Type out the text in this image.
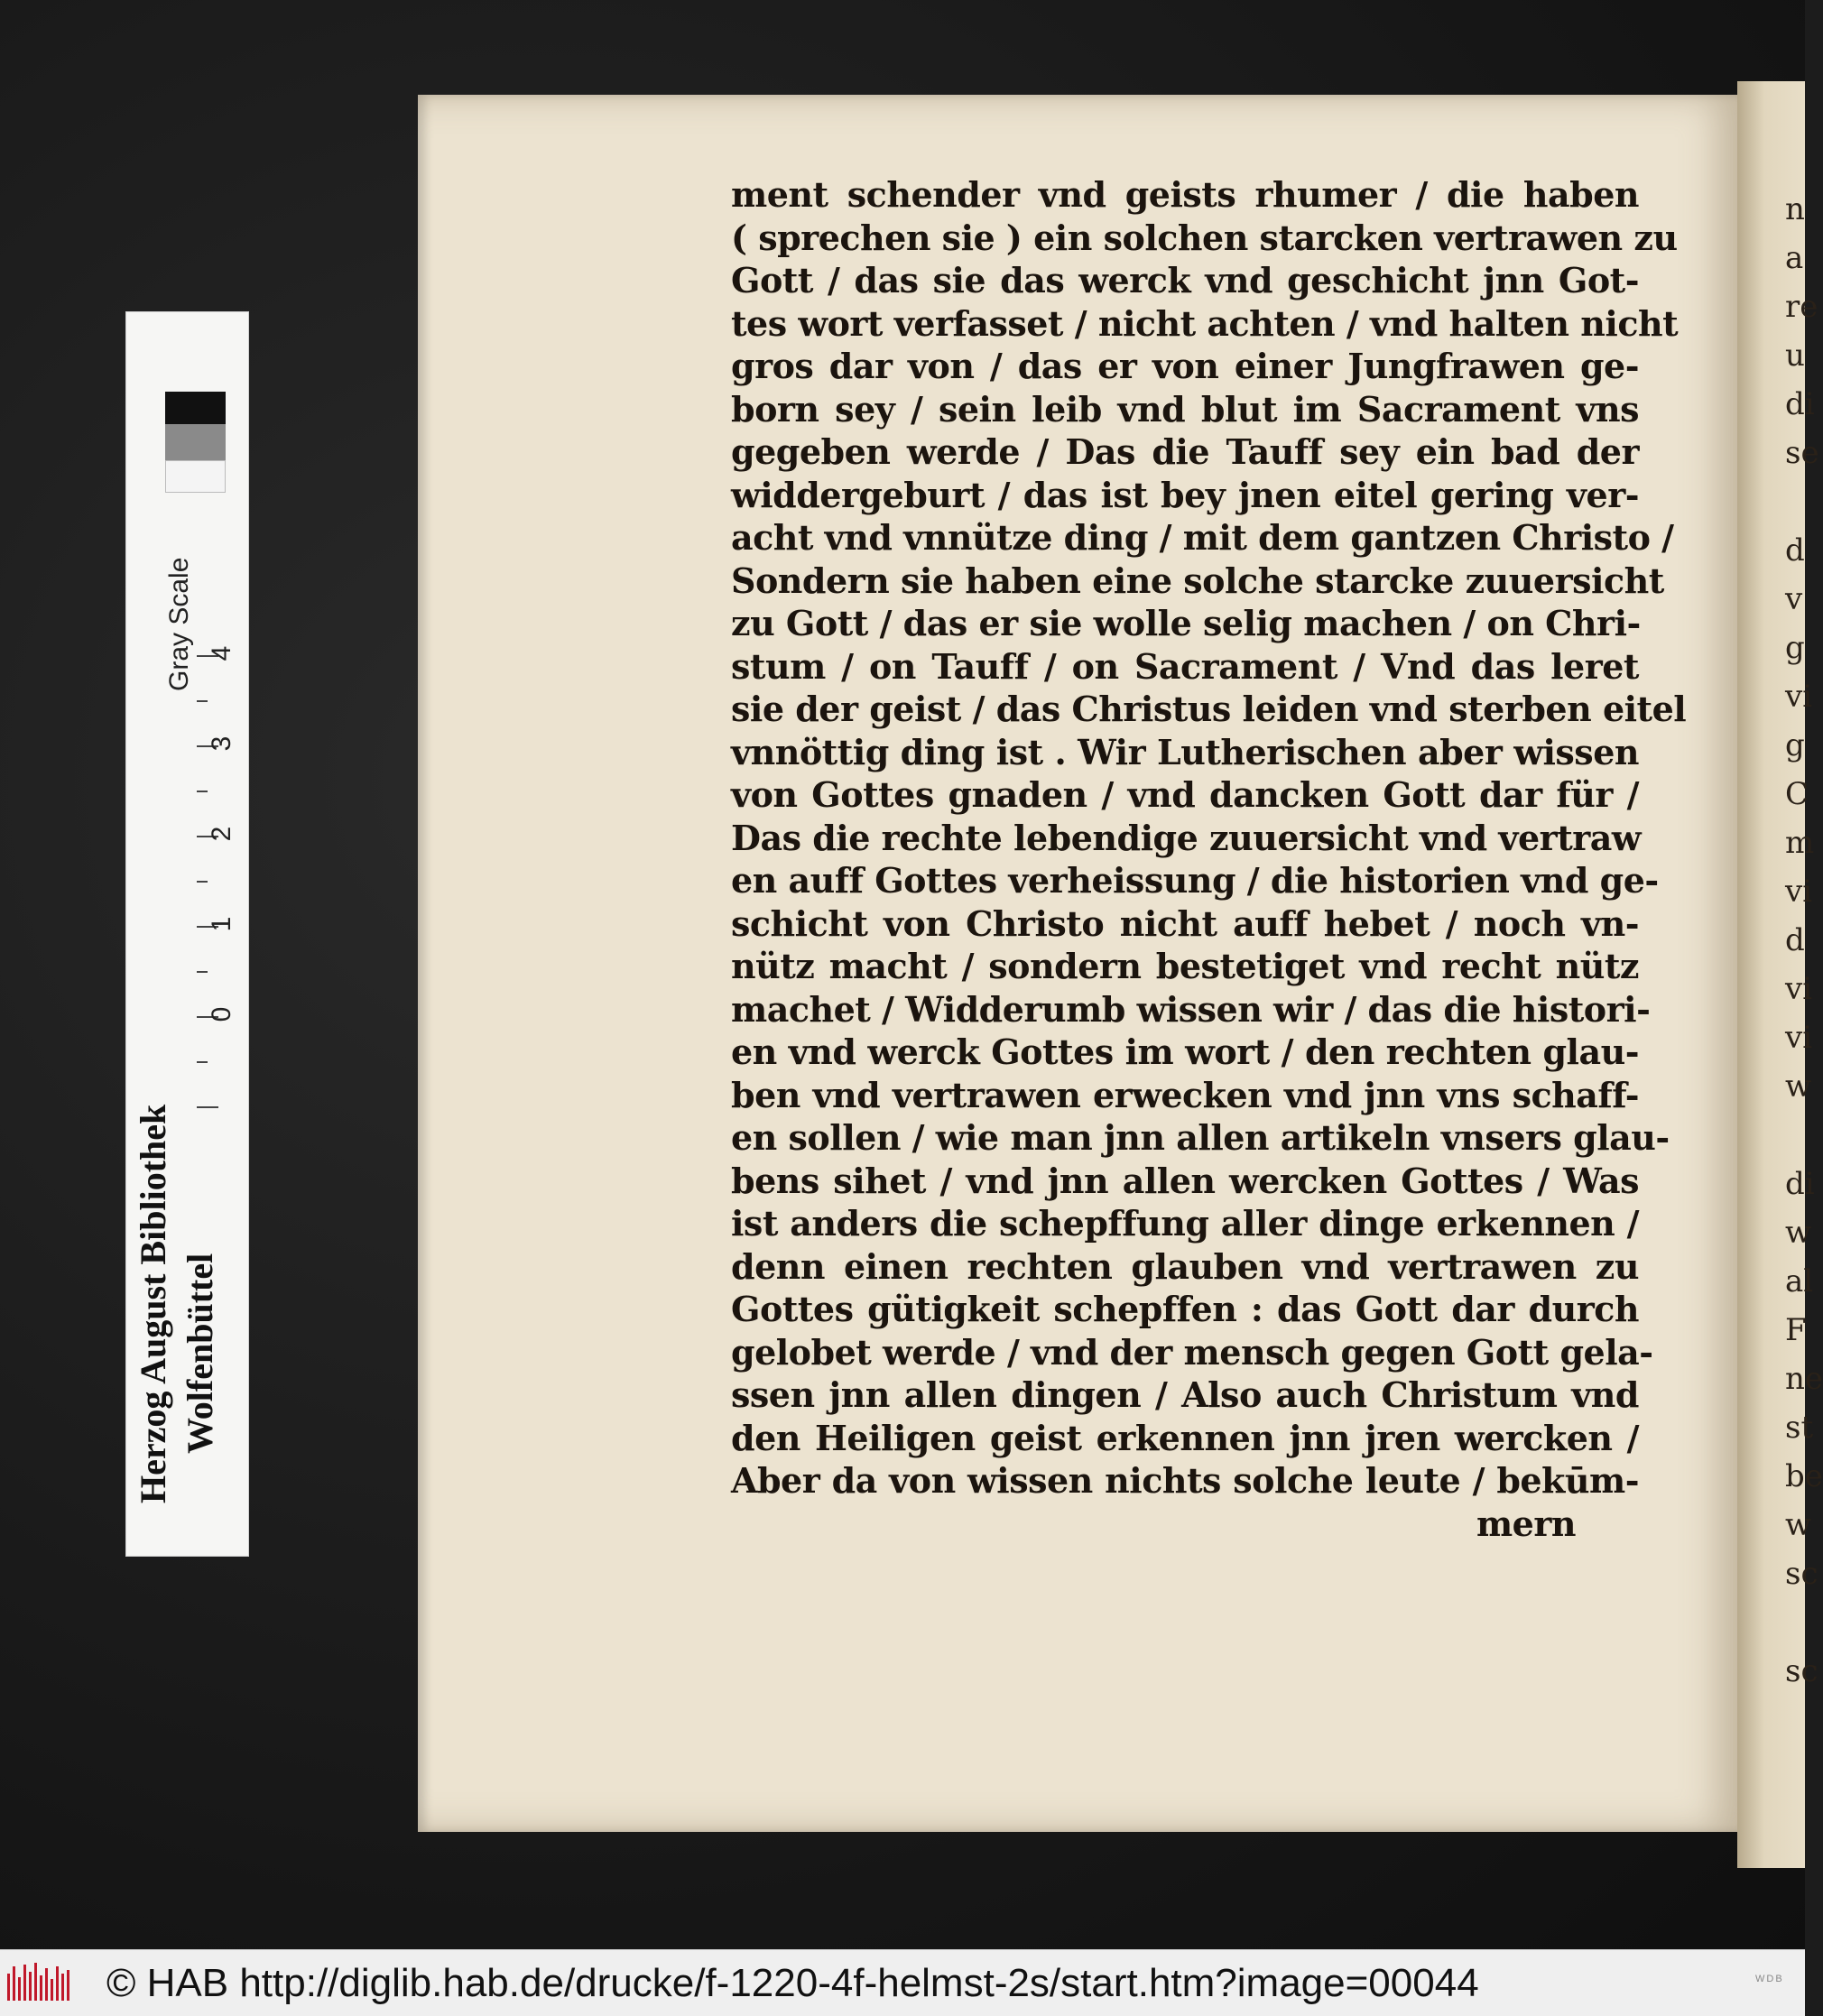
Gray Scale 4
3
2
1
0
Herzog August Bibliothek Wolfenbüttel
n
a
re
u
di
se

d
v
g
vi
g
C
m
vi
d
vi
vi
w

di
w
al
F
ne
st
be
w
sc

sc
ment schender vnd geists rhumer / die haben
( sprechen sie ) ein solchen starcken vertrawen zu
Gott / das sie das werck vnd geschicht jnn Got-
tes wort verfasset / nicht achten / vnd halten nicht
gros dar von / das er von einer Jungfrawen ge-
born sey / sein leib vnd blut im Sacrament vns
gegeben werde / Das die Tauff sey ein bad der
widdergeburt / das ist bey jnen eitel gering ver-
acht vnd vnnütze ding / mit dem gantzen Christo /
Sondern sie haben eine solche starcke zuuersicht
zu Gott / das er sie wolle selig machen / on Chri-
stum / on Tauff / on Sacrament / Vnd das leret
sie der geist / das Christus leiden vnd sterben eitel
vnnöttig ding ist . Wir Lutherischen aber wissen
von Gottes gnaden / vnd dancken Gott dar für /
Das die rechte lebendige zuuersicht vnd vertraw
en auff Gottes verheissung / die historien vnd ge-
schicht von Christo nicht auff hebet / noch vn-
nütz macht / sondern bestetiget vnd recht nütz
machet / Widderumb wissen wir / das die histori-
en vnd werck Gottes im wort / den rechten glau-
ben vnd vertrawen erwecken vnd jnn vns schaff-
en sollen / wie man jnn allen artikeln vnsers glau-
bens sihet / vnd jnn allen wercken Gottes / Was
ist anders die schepffung aller dinge erkennen /
denn einen rechten glauben vnd vertrawen zu
Gottes gütigkeit schepffen : das Gott dar durch
gelobet werde / vnd der mensch gegen Gott gela-
ssen jnn allen dingen / Also auch Christum vnd
den Heiligen geist erkennen jnn jren wercken /
Aber da von wissen nichts solche leute / bekūm-
mern
© HAB http://diglib.hab.de/drucke/f-1220-4f-helmst-2s/start.htm?image=00044	WDB
